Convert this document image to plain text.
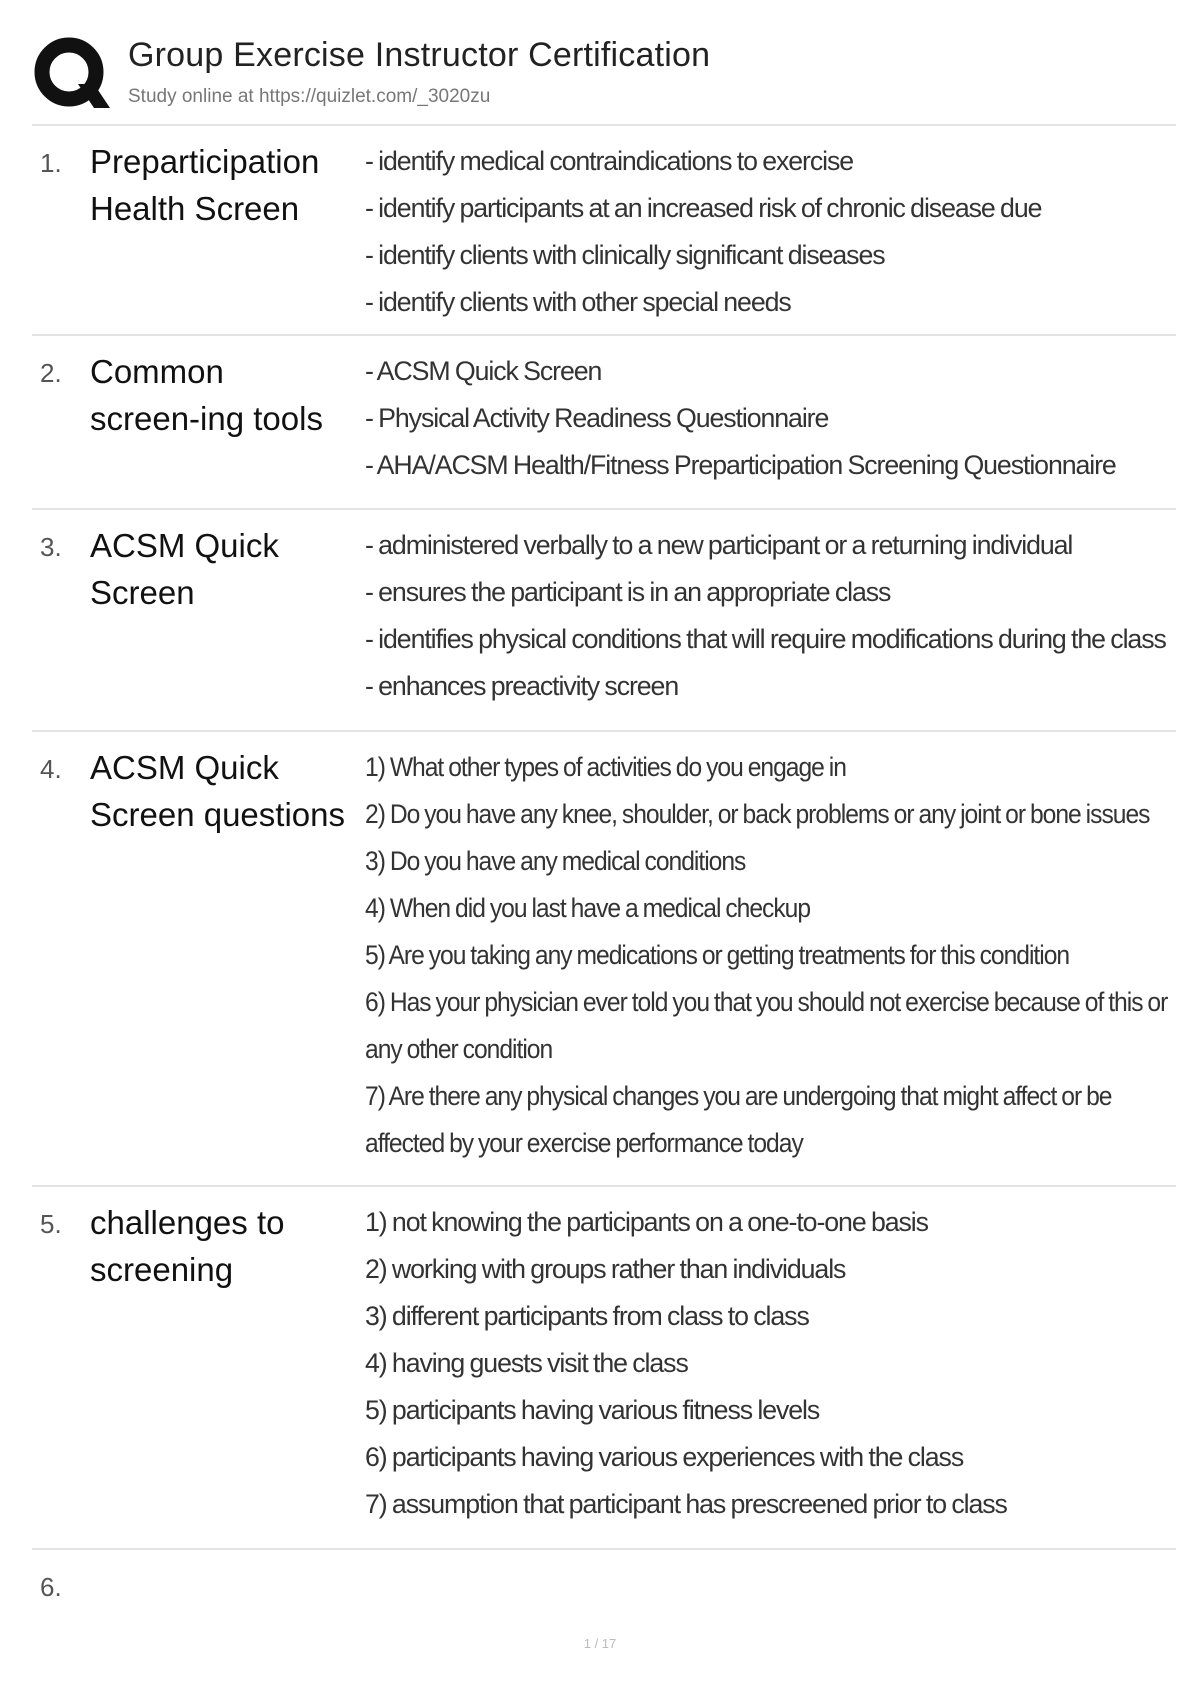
Group Exercise Instructor Certification
Study online at https://quizlet.com/_3020zu
1. Preparticipation Health Screen
- identify medical contraindications to exercise
- identify participants at an increased risk of chronic disease due
- identify clients with clinically significant diseases
- identify clients with other special needs
2. Common screen-ing tools
- ACSM Quick Screen
- Physical Activity Readiness Questionnaire
- AHA/ACSM Health/Fitness Preparticipation Screening Questionnaire
3. ACSM Quick Screen
- administered verbally to a new participant or a returning individual
- ensures the participant is in an appropriate class
- identifies physical conditions that will require modifications during the class
- enhances preactivity screen
4. ACSM Quick Screen questions
1) What other types of activities do you engage in
2) Do you have any knee, shoulder, or back problems or any joint or bone issues
3) Do you have any medical conditions
4) When did you last have a medical checkup
5) Are you taking any medications or getting treatments for this condition
6) Has your physician ever told you that you should not exercise because of this or
any other condition
7) Are there any physical changes you are undergoing that might affect or be
affected by your exercise performance today
5. challenges to screening
1) not knowing the participants on a one-to-one basis
2) working with groups rather than individuals
3) different participants from class to class
4) having guests visit the class
5) participants having various fitness levels
6) participants having various experiences with the class
7) assumption that participant has prescreened prior to class
6.
1 / 17
